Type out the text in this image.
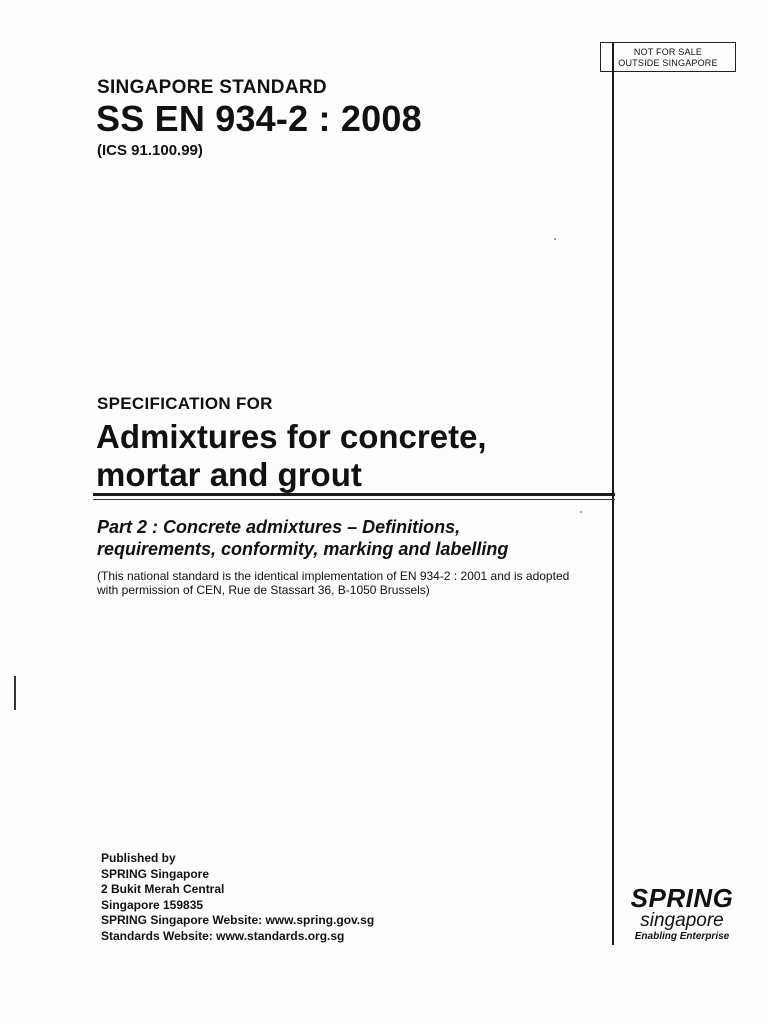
NOT FOR SALE
OUTSIDE SINGAPORE
SINGAPORE STANDARD
SS EN 934-2 : 2008
(ICS 91.100.99)
SPECIFICATION FOR
Admixtures for concrete,
mortar and grout
Part 2 : Concrete admixtures – Definitions,
requirements, conformity, marking and labelling
(This national standard is the identical implementation of EN 934-2 : 2001 and is adopted
with permission of CEN, Rue de Stassart 36, B-1050 Brussels)
Published by
SPRING Singapore
2 Bukit Merah Central
Singapore 159835
SPRING Singapore Website: www.spring.gov.sg
Standards Website: www.standards.org.sg
SPRING
singapore
Enabling Enterprise
